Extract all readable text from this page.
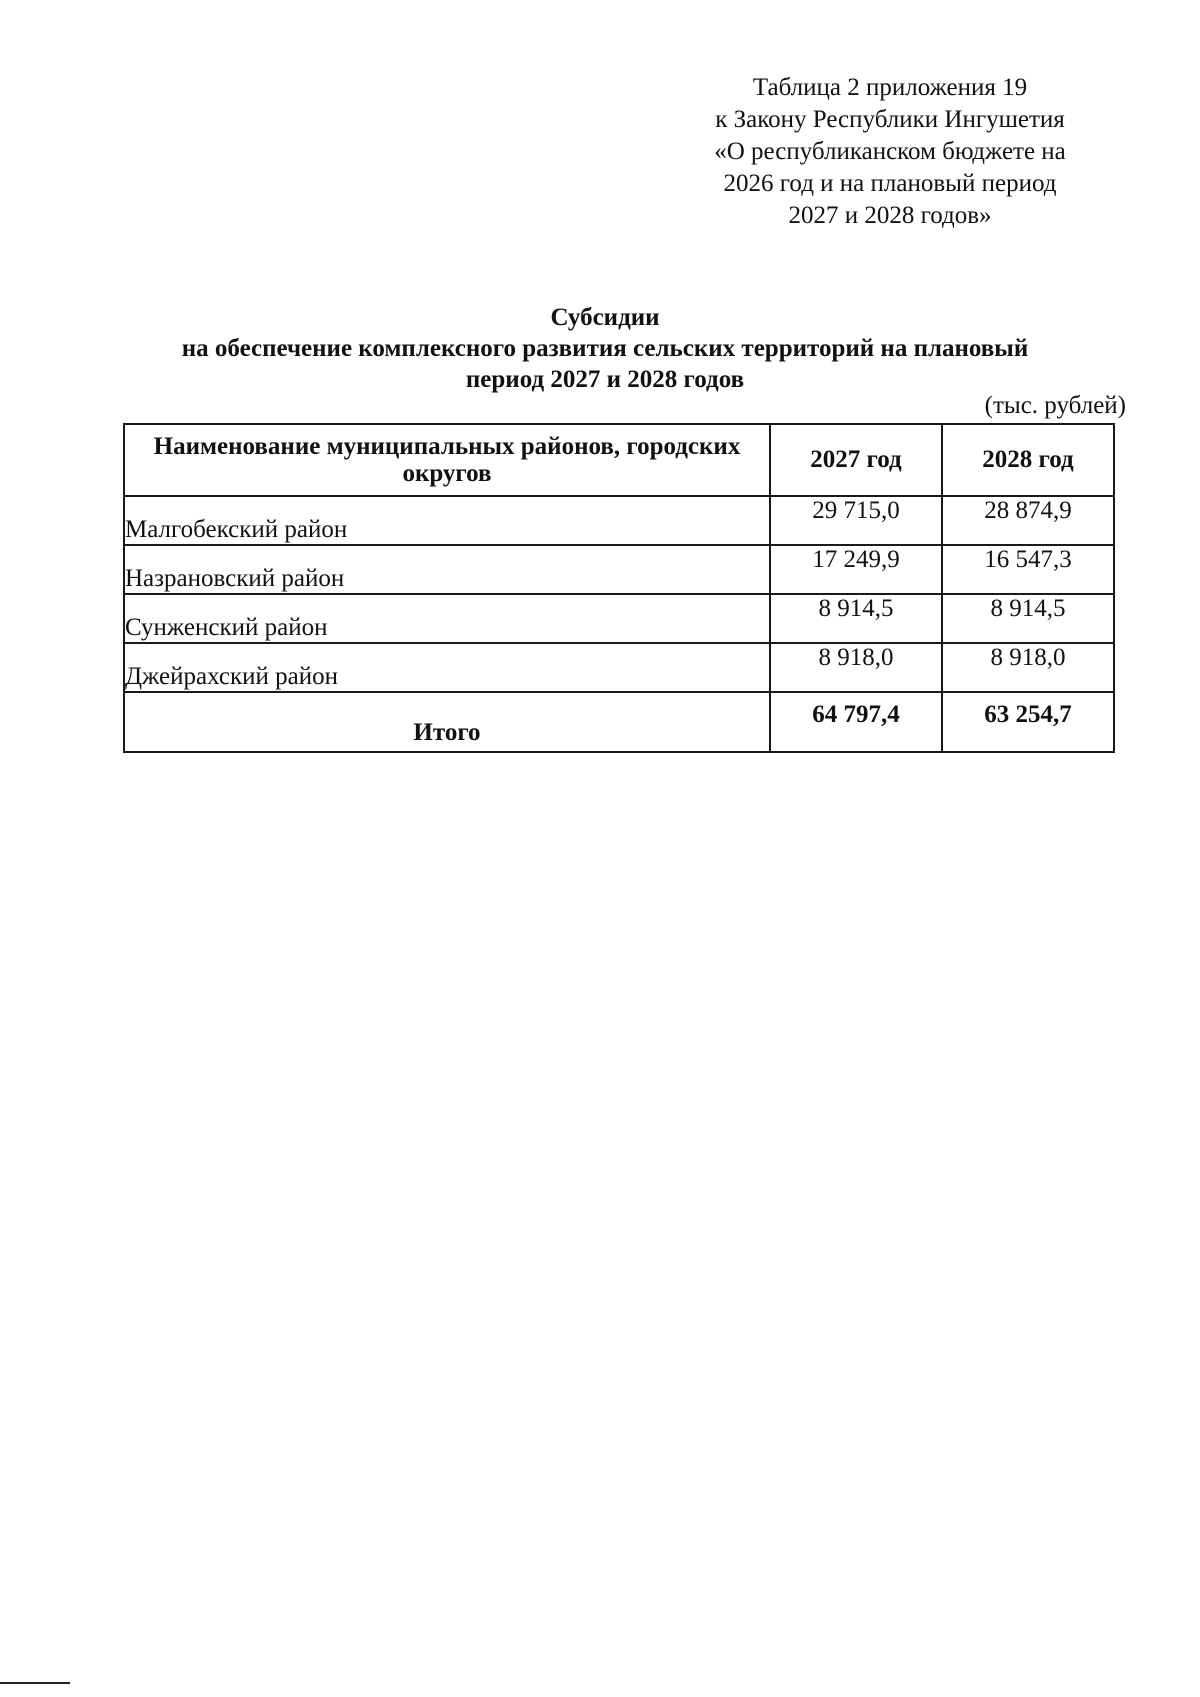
Таблица 2 приложения 19
к Закону Республики Ингушетия
«О республиканском бюджете на
2026 год и на плановый период
2027 и 2028 годов»
Субсидии
на обеспечение комплексного развития сельских территорий на плановый
период 2027 и 2028 годов
(тыс. рублей)
Наименование муниципальных районов, городских округов	2027 год	2028 год
Малгобекский район	29 715,0	28 874,9
Назрановский район	17 249,9	16 547,3
Сунженский район	8 914,5	8 914,5
Джейрахский район	8 918,0	8 918,0
Итого	64 797,4	63 254,7
